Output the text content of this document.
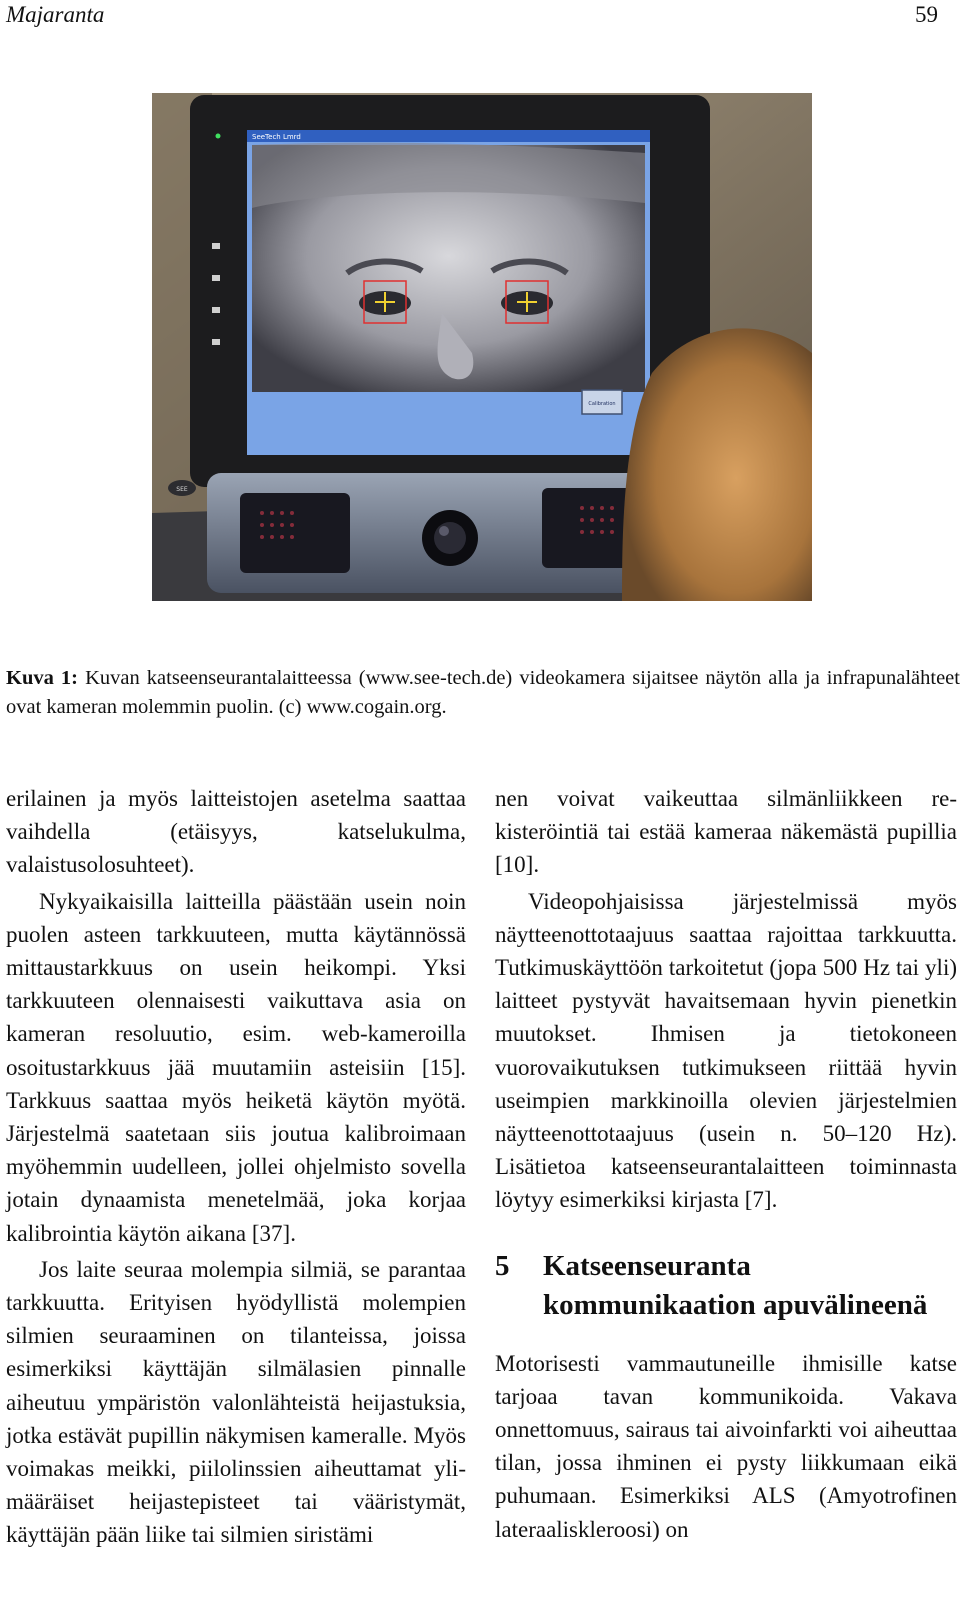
Majaranta	59
SeeTech Lmrd
Calibration
SEE
Kuva 1: Kuvan katseenseurantalaitteessa (www.see-tech.de) videokamera sijaitsee näytön alla ja infrapunalähteet ovat kameran molemmin puolin. (c) www.cogain.org.

erilainen ja myös laitteistojen asetelma saattaa vaihdella (etäisyys, katselukulma, valaistusolosuhteet).

Nykyaikaisilla laitteilla päästään usein noin puolen asteen tarkkuuteen, mutta käytännössä mittaustarkkuus on usein heikompi. Yksi tarkkuuteen olennaisesti vaikuttava asia on kameran resoluutio, esim. web-kameroilla osoitustarkkuus jää muutamiin asteisiin [15]. Tarkkuus saattaa myös heiketä käytön myötä. Järjestelmä saatetaan siis joutua kalibroimaan myöhemmin uudelleen, jollei ohjelmisto sovella jotain dynaamista menetelmää, joka korjaa kalibrointia käytön aikana [37].

Jos laite seuraa molempia silmiä, se parantaa tarkkuutta. Erityisen hyödyllistä molempien silmien seuraaminen on tilanteissa, joissa esimerkiksi käyttäjän silmälasien pinnalle aiheutuu ympäristön valonlähteistä heijastuksia, jotka estävät pupillin näkymisen kameralle. Myös voimakas meikki, piilolinssien aiheuttamat ylimääräiset heijastepisteet tai vääristymät, käyttäjän pään liike tai silmien siristämi

nen voivat vaikeuttaa silmänliikkeen rekisteröintiä tai estää kameraa näkemästä pupillia [10].

Videopohjaisissa järjestelmissä myös näytteenottotaajuus saattaa rajoittaa tarkkuutta. Tutkimuskäyttöön tarkoitetut (jopa 500 Hz tai yli) laitteet pystyvät havaitsemaan hyvin pienetkin muutokset. Ihmisen ja tietokoneen vuorovaikutuksen tutkimukseen riittää hyvin useimpien markkinoilla olevien järjestelmien näytteenottotaajuus (usein n. 50–120 Hz). Lisätietoa katseenseurantalaitteen toiminnasta löytyy esimerkiksi kirjasta [7].

5	Katseenseuranta kommunikaation apuvälineenä

Motorisesti vammautuneille ihmisille katse tarjoaa tavan kommunikoida. Vakava onnettomuus, sairaus tai aivoinfarkti voi aiheuttaa tilan, jossa ihminen ei pysty liikkumaan eikä puhumaan. Esimerkiksi ALS (Amyotrofinen lateraaliskleroosi) on
